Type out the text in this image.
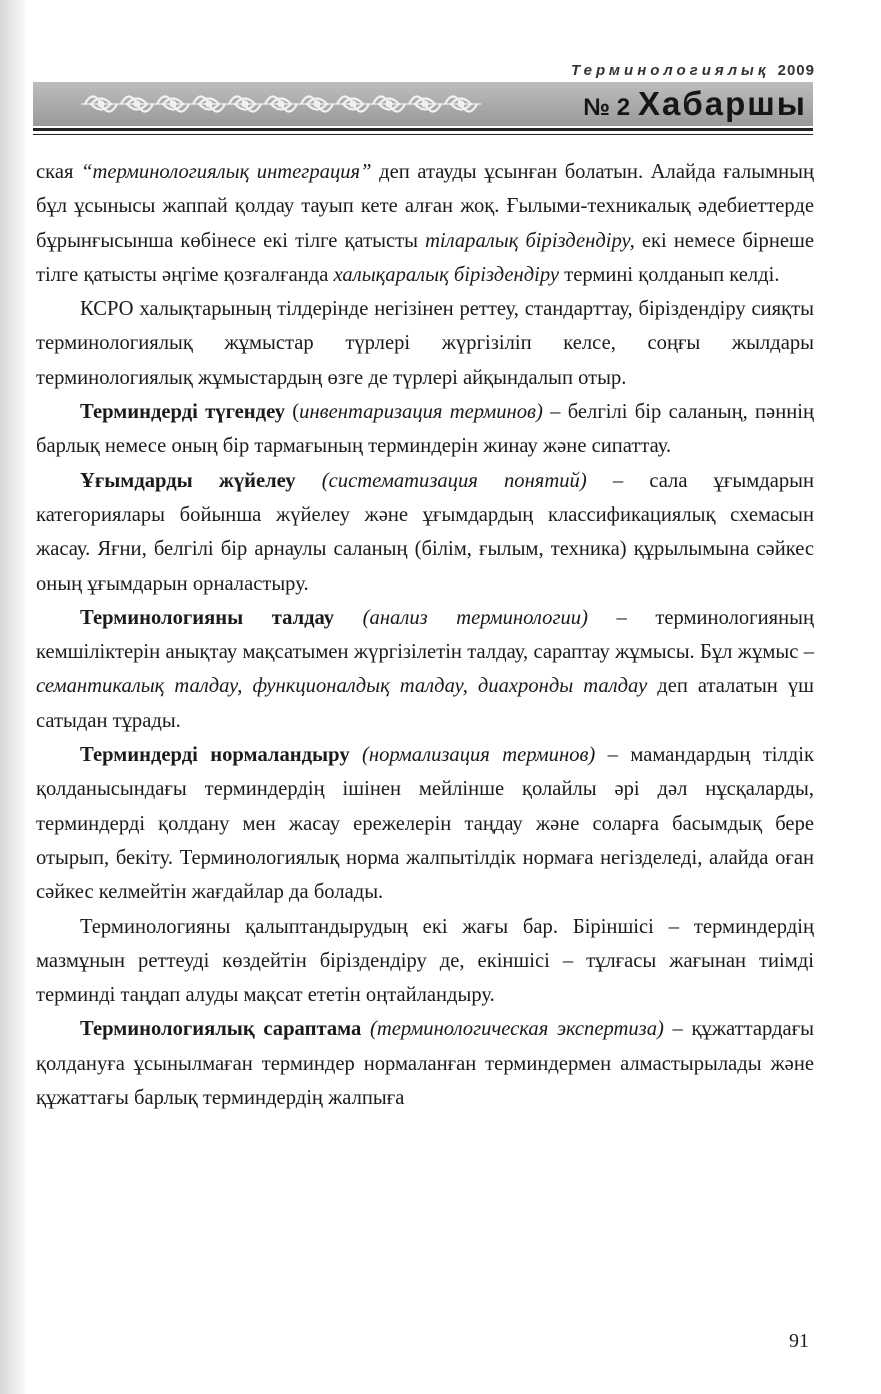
Терминологиялық 2009
№ 2 Хабаршы

ская “терминологиялық интеграция” деп атауды ұсынған болатын. Алайда ғалымның бұл ұсынысы жаппай қолдау тауып кете алған жоқ. Ғылыми-техникалық әдебиеттерде бұрынғысынша көбінесе екі тілге қатысты тіларалық біріздендіру, екі немесе бірнеше тілге қатысты әңгіме қозғалғанда халықаралық біріздендіру термині қолданып келді.

КСРО халықтарының тілдерінде негізінен реттеу, стандарттау, біріздендіру сияқты терминологиялық жұмыстар түрлері жүргізіліп келсе, соңғы жылдары терминологиялық жұмыстардың өзге де түрлері айқындалып отыр.

Терминдерді түгендеу (инвентаризация терминов) – белгілі бір саланың, пәннің барлық немесе оның бір тармағының терминдерін жинау және сипаттау.

Ұғымдарды жүйелеу (систематизация понятий) – сала ұғымдарын категориялары бойынша жүйелеу және ұғымдардың классификациялық схемасын жасау. Яғни, белгілі бір арнаулы саланың (білім, ғылым, техника) құрылымына сәйкес оның ұғымдарын орналастыру.

Терминологияны талдау (анализ терминологии) – терминологияның кемшіліктерін анықтау мақсатымен жүргізілетін талдау, сараптау жұмысы. Бұл жұмыс – семантикалық талдау, функционалдық талдау, диахронды талдау деп аталатын үш сатыдан тұрады.

Терминдерді нормаландыру (нормализация терминов) – мамандардың тілдік қолданысындағы терминдердің ішінен мейлінше қолайлы әрі дәл нұсқаларды, терминдерді қолдану мен жасау ережелерін таңдау және соларға басымдық бере отырып, бекіту. Терминологиялық норма жалпытілдік нормаға негізделеді, алайда оған сәйкес келмейтін жағдайлар да болады.

Терминологияны қалыптандырудың екі жағы бар. Біріншісі – терминдердің мазмұнын реттеуді көздейтін біріздендіру де, екіншісі – тұлғасы жағынан тиімді терминді таңдап алуды мақсат ететін оңтайландыру.

Терминологиялық сараптама (терминологическая экспертиза) – құжаттардағы қолдануға ұсынылмаған терминдер нормаланған терминдермен алмастырылады және құжаттағы барлық терминдердің жалпыға

91
